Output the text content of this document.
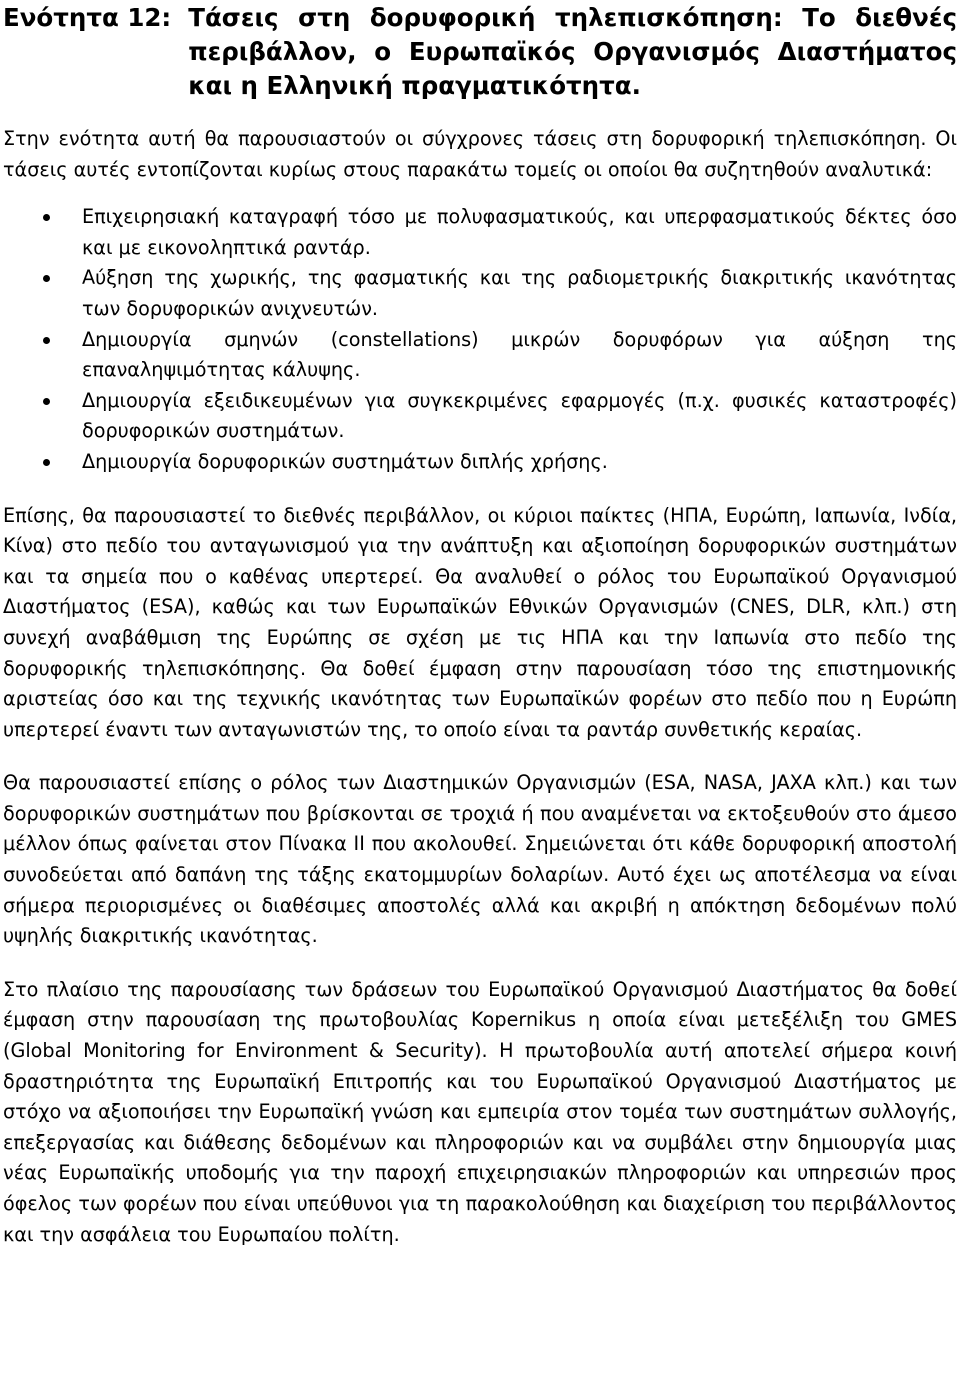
Ενότητα 12: Τάσεις στη δορυφορική τηλεπισκόπηση: Το διεθνές περιβάλλον, ο Ευρωπαϊκός Οργανισμός Διαστήματος και η Ελληνική πραγματικότητα.

Στην ενότητα αυτή θα παρουσιαστούν οι σύγχρονες τάσεις στη δορυφορική τηλεπισκόπηση. Οι τάσεις αυτές εντοπίζονται κυρίως στους παρακάτω τομείς οι οποίοι θα συζητηθούν αναλυτικά:

Επιχειρησιακή καταγραφή τόσο με πολυφασματικούς, και υπερφασματικούς δέκτες όσο και με εικονοληπτικά ραντάρ.
Αύξηση της χωρικής, της φασματικής και της ραδιομετρικής διακριτικής ικανότητας των δορυφορικών ανιχνευτών.
Δημιουργία σμηνών (constellations) μικρών δορυφόρων για αύξηση της επαναληψιμότητας κάλυψης.
Δημιουργία εξειδικευμένων για συγκεκριμένες εφαρμογές (π.χ. φυσικές καταστροφές) δορυφορικών συστημάτων.
Δημιουργία δορυφορικών συστημάτων διπλής χρήσης.

Επίσης, θα παρουσιαστεί το διεθνές περιβάλλον, οι κύριοι παίκτες (ΗΠΑ, Ευρώπη, Ιαπωνία, Ινδία, Κίνα) στο πεδίο του ανταγωνισμού για την ανάπτυξη και αξιοποίηση δορυφορικών συστημάτων και τα σημεία που ο καθένας υπερτερεί. Θα αναλυθεί ο ρόλος του Ευρωπαϊκού Οργανισμού Διαστήματος (ESA), καθώς και των Ευρωπαϊκών Εθνικών Οργανισμών (CNES, DLR, κλπ.) στη συνεχή αναβάθμιση της Ευρώπης σε σχέση με τις ΗΠΑ και την Ιαπωνία στο πεδίο της δορυφορικής τηλεπισκόπησης. Θα δοθεί έμφαση στην παρουσίαση τόσο της επιστημονικής αριστείας όσο και της τεχνικής ικανότητας των Ευρωπαϊκών φορέων στο πεδίο που η Ευρώπη υπερτερεί έναντι των ανταγωνιστών της, το οποίο είναι τα ραντάρ συνθετικής κεραίας.

Θα παρουσιαστεί επίσης ο ρόλος των Διαστημικών Οργανισμών (ESA, NASA, JAXA κλπ.) και των δορυφορικών συστημάτων που βρίσκονται σε τροχιά ή που αναμένεται να εκτοξευθούν στο άμεσο μέλλον όπως φαίνεται στον Πίνακα II που ακολουθεί. Σημειώνεται ότι κάθε δορυφορική αποστολή συνοδεύεται από δαπάνη της τάξης εκατομμυρίων δολαρίων. Αυτό έχει ως αποτέλεσμα να είναι σήμερα περιορισμένες οι διαθέσιμες αποστολές αλλά και ακριβή η απόκτηση δεδομένων πολύ υψηλής διακριτικής ικανότητας.

Στο πλαίσιο της παρουσίασης των δράσεων του Ευρωπαϊκού Οργανισμού Διαστήματος θα δοθεί έμφαση στην παρουσίαση της πρωτοβουλίας Kopernikus η οποία είναι μετεξέλιξη του GMES (Global Monitoring for Environment & Security). Η πρωτοβουλία αυτή αποτελεί σήμερα κοινή δραστηριότητα της Ευρωπαϊκή Επιτροπής και του Ευρωπαϊκού Οργανισμού Διαστήματος με στόχο να αξιοποιήσει την Ευρωπαϊκή γνώση και εμπειρία στον τομέα των συστημάτων συλλογής, επεξεργασίας και διάθεσης δεδομένων και πληροφοριών και να συμβάλει στην δημιουργία μιας νέας Ευρωπαϊκής υποδομής για την παροχή επιχειρησιακών πληροφοριών και υπηρεσιών προς όφελος των φορέων που είναι υπεύθυνοι για τη παρακολούθηση και διαχείριση του περιβάλλοντος και την ασφάλεια του Ευρωπαίου πολίτη.
